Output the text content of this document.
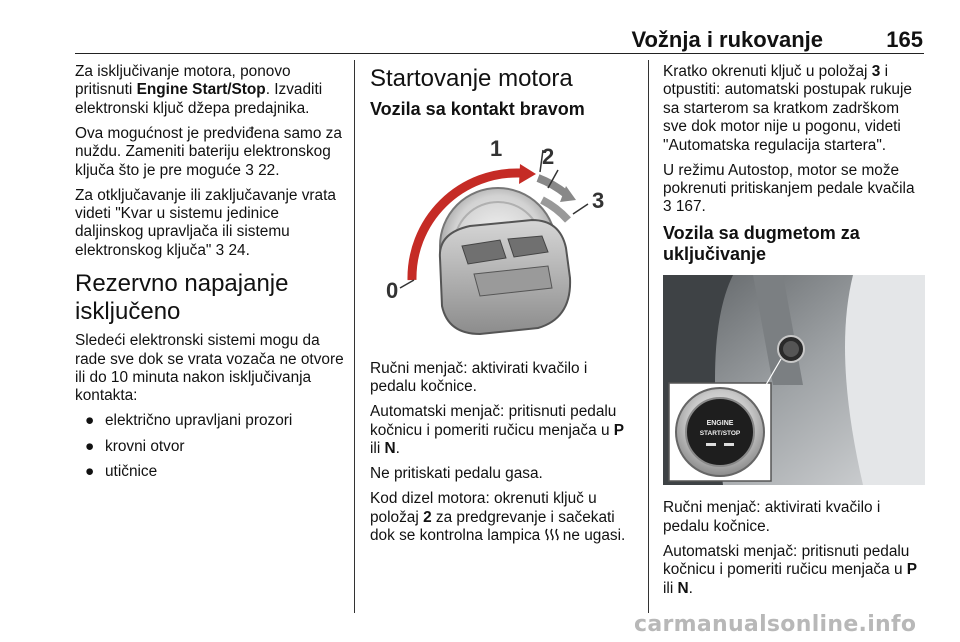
Vožnja i rukovanje	165

Za isključivanje motora, ponovo pritisnuti Engine Start/Stop. Izvaditi elektronski ključ džepa predajnika.

Ova mogućnost je predviđena samo za nuždu. Zameniti bateriju elektronskog ključa što je pre moguće 3 22.

Za otključavanje ili zaključavanje vrata videti "Kvar u sistemu jedinice daljinskog upravljača ili sistemu elektronskog ključa" 3 24.

Rezervno napajanje isključeno

Sledeći elektronski sistemi mogu da rade sve dok se vrata vozača ne otvore ili do 10 minuta nakon isključivanja kontakta:

● električno upravljani prozori
● krovni otvor
● utičnice
Startovanje motora
Vozila sa kontakt bravom
0
1 2
3

Ručni menjač: aktivirati kvačilo i pedalu kočnice.

Automatski menjač: pritisnuti pedalu kočnicu i pomeriti ručicu menjača u P ili N.

Ne pritiskati pedalu gasa.

Kod dizel motora: okrenuti ključ u položaj 2 za predgrevanje i sačekati dok se kontrolna lampica  ne ugasi.

Kratko okrenuti ključ u položaj 3 i otpustiti: automatski postupak rukuje sa starterom sa kratkom zadrškom sve dok motor nije u pogonu, videti "Automatska regulacija startera".

U režimu Autostop, motor se može pokrenuti pritiskanjem pedale kvačila 3 167.

Vozila sa dugmetom za uključivanje
ENGINE
START/STOP

Ručni menjač: aktivirati kvačilo i pedalu kočnice.

Automatski menjač: pritisnuti pedalu kočnicu i pomeriti ručicu menjača u P ili N.

carmanualsonline.info
